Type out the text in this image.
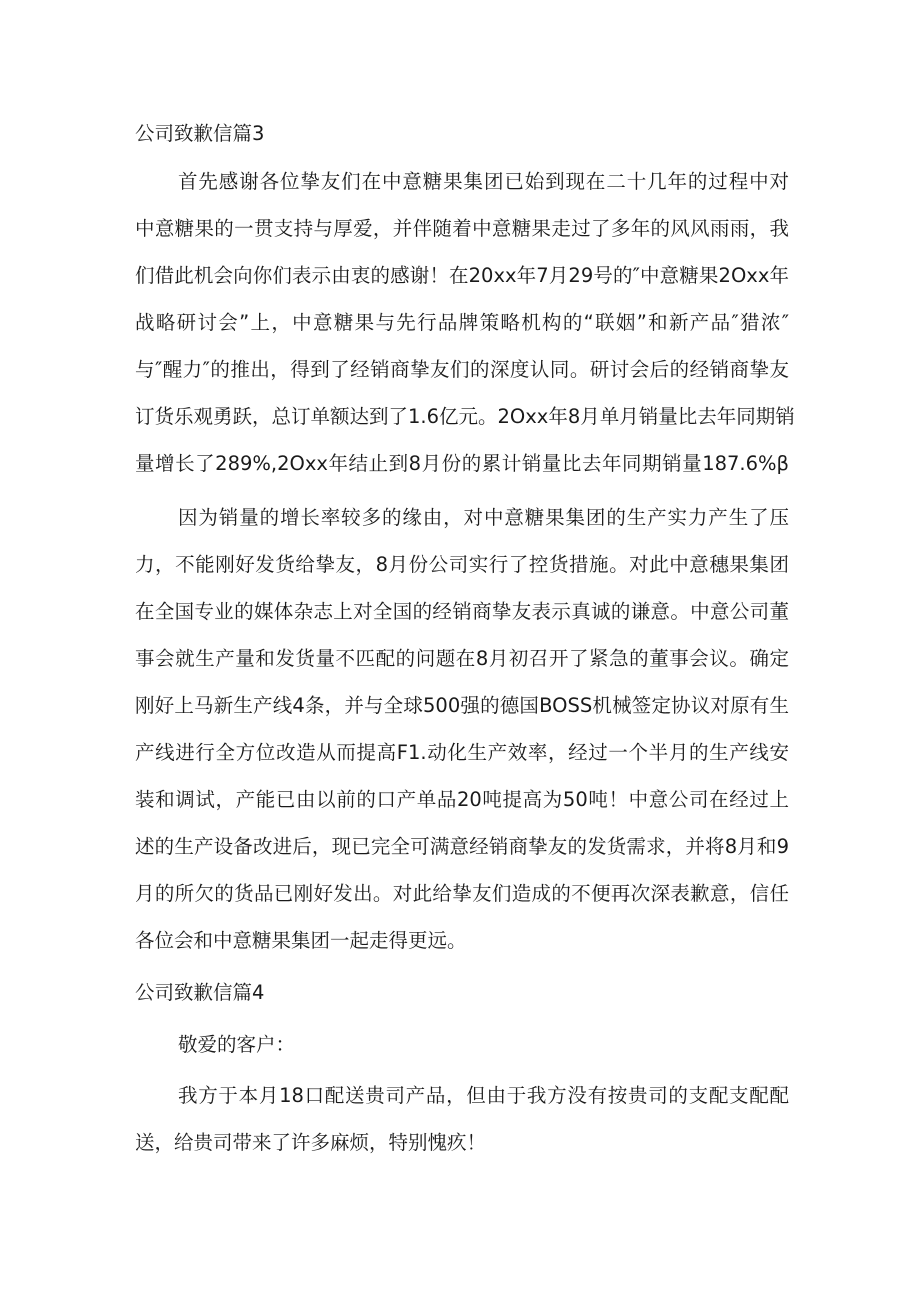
公司致歉信篇3
首先感谢各位挚友们在中意糖果集团已始到现在二十几年的过程中对
中意糖果的一贯支持与厚爱，并伴随着中意糖果走过了多年的风风雨雨，我
们借此机会向你们表示由衷的感谢！在20xx年7月29号的″中意糖果2Oxx年
战略研讨会”上，中意糖果与先行品牌策略机构的“联姻”和新产品″猎浓″
与″醒力″的推出，得到了经销商挚友们的深度认同。研讨会后的经销商挚友
订货乐观勇跃，总订单额达到了1.6亿元。2Oxx年8月单月销量比去年同期销
量增长了289%,2Oxx年结止到8月份的累计销量比去年同期销量187.6%β
因为销量的增长率较多的缘由，对中意糖果集团的生产实力产生了压
力，不能刚好发货给挚友，8月份公司实行了控货措施。对此中意穗果集团
在全国专业的媒体杂志上对全国的经销商挚友表示真诚的谦意。中意公司董
事会就生产量和发货量不匹配的问题在8月初召开了紧急的董事会议。确定
刚好上马新生产线4条，并与全球500强的德国BOSS机械签定协议对原有生
产线进行全方位改造从而提高F1.动化生产效率，经过一个半月的生产线安
装和调试，产能已由以前的口产单品20吨提高为50吨！中意公司在经过上
述的生产设备改进后，现已完全可满意经销商挚友的发货需求，并将8月和9
月的所欠的货品已刚好发出。对此给挚友们造成的不便再次深表歉意，信任
各位会和中意糖果集团一起走得更远。
公司致歉信篇4
敬爱的客户：
我方于本月18口配送贵司产品，但由于我方没有按贵司的支配支配配
送，给贵司带来了许多麻烦，特别愧疚！
